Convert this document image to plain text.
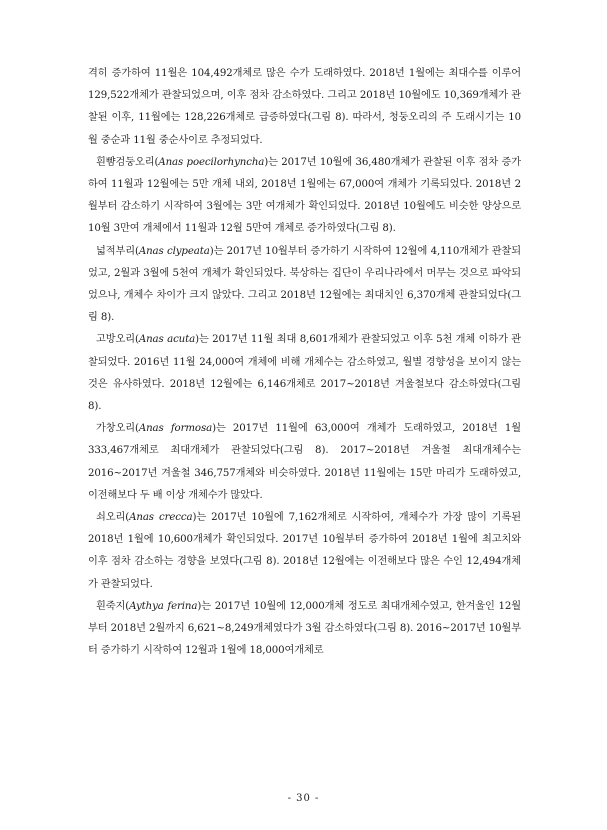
격히 증가하여 11월은 104,492개체로 많은 수가 도래하였다. 2018년 1월에는 최대수를 이루어 129,522개체가 관찰되었으며, 이후 점차 감소하였다. 그리고 2018년 10월에도 10,369개체가 관찰된 이후, 11월에는 128,226개체로 급증하였다(그림 8). 따라서, 청둥오리의 주 도래시기는 10월 중순과 11월 중순사이로 추정되었다.

흰뺨검둥오리(Anas poecilorhyncha)는 2017년 10월에 36,480개체가 관찰된 이후 점차 증가하여 11월과 12월에는 5만 개체 내외, 2018년 1월에는 67,000여 개체가 기록되었다. 2018년 2월부터 감소하기 시작하여 3월에는 3만 여개체가 확인되었다. 2018년 10월에도 비슷한 양상으로 10월 3만여 개체에서 11월과 12월 5만여 개체로 증가하였다(그림 8).

넓적부리(Anas clypeata)는 2017년 10월부터 증가하기 시작하여 12월에 4,110개체가 관찰되었고, 2월과 3월에 5천여 개체가 확인되었다. 북상하는 집단이 우리나라에서 머무는 것으로 파악되었으나, 개체수 차이가 크지 않았다. 그리고 2018년 12월에는 최대치인 6,370개체 관찰되었다(그림 8).

고방오리(Anas acuta)는 2017년 11월 최대 8,601개체가 관찰되었고 이후 5천 개체 이하가 관찰되었다. 2016년 11월 24,000여 개체에 비해 개체수는 감소하였고, 월별 경향성을 보이지 않는 것은 유사하였다. 2018년 12월에는 6,146개체로 2017~2018년 겨울철보다 감소하였다(그림 8).

가창오리(Anas formosa)는 2017년 11월에 63,000여 개체가 도래하였고, 2018년 1월 333,467개체로 최대개체가 관찰되었다(그림 8). 2017~2018년 겨울철 최대개체수는 2016~2017년 겨울철 346,757개체와 비슷하였다. 2018년 11월에는 15만 마리가 도래하였고, 이전해보다 두 배 이상 개체수가 많았다.

쇠오리(Anas crecca)는 2017년 10월에 7,162개체로 시작하여, 개체수가 가장 많이 기록된 2018년 1월에 10,600개체가 확인되었다. 2017년 10월부터 증가하여 2018년 1월에 최고치와 이후 점차 감소하는 경향을 보였다(그림 8). 2018년 12월에는 이전해보다 많은 수인 12,494개체가 관찰되었다.

흰죽지(Aythya ferina)는 2017년 10월에 12,000개체 정도로 최대개체수였고, 한겨울인 12월부터 2018년 2월까지 6,621~8,249개체였다가 3월 감소하였다(그림 8). 2016~2017년 10월부터 증가하기 시작하여 12월과 1월에 18,000여개체로

- 30 -
